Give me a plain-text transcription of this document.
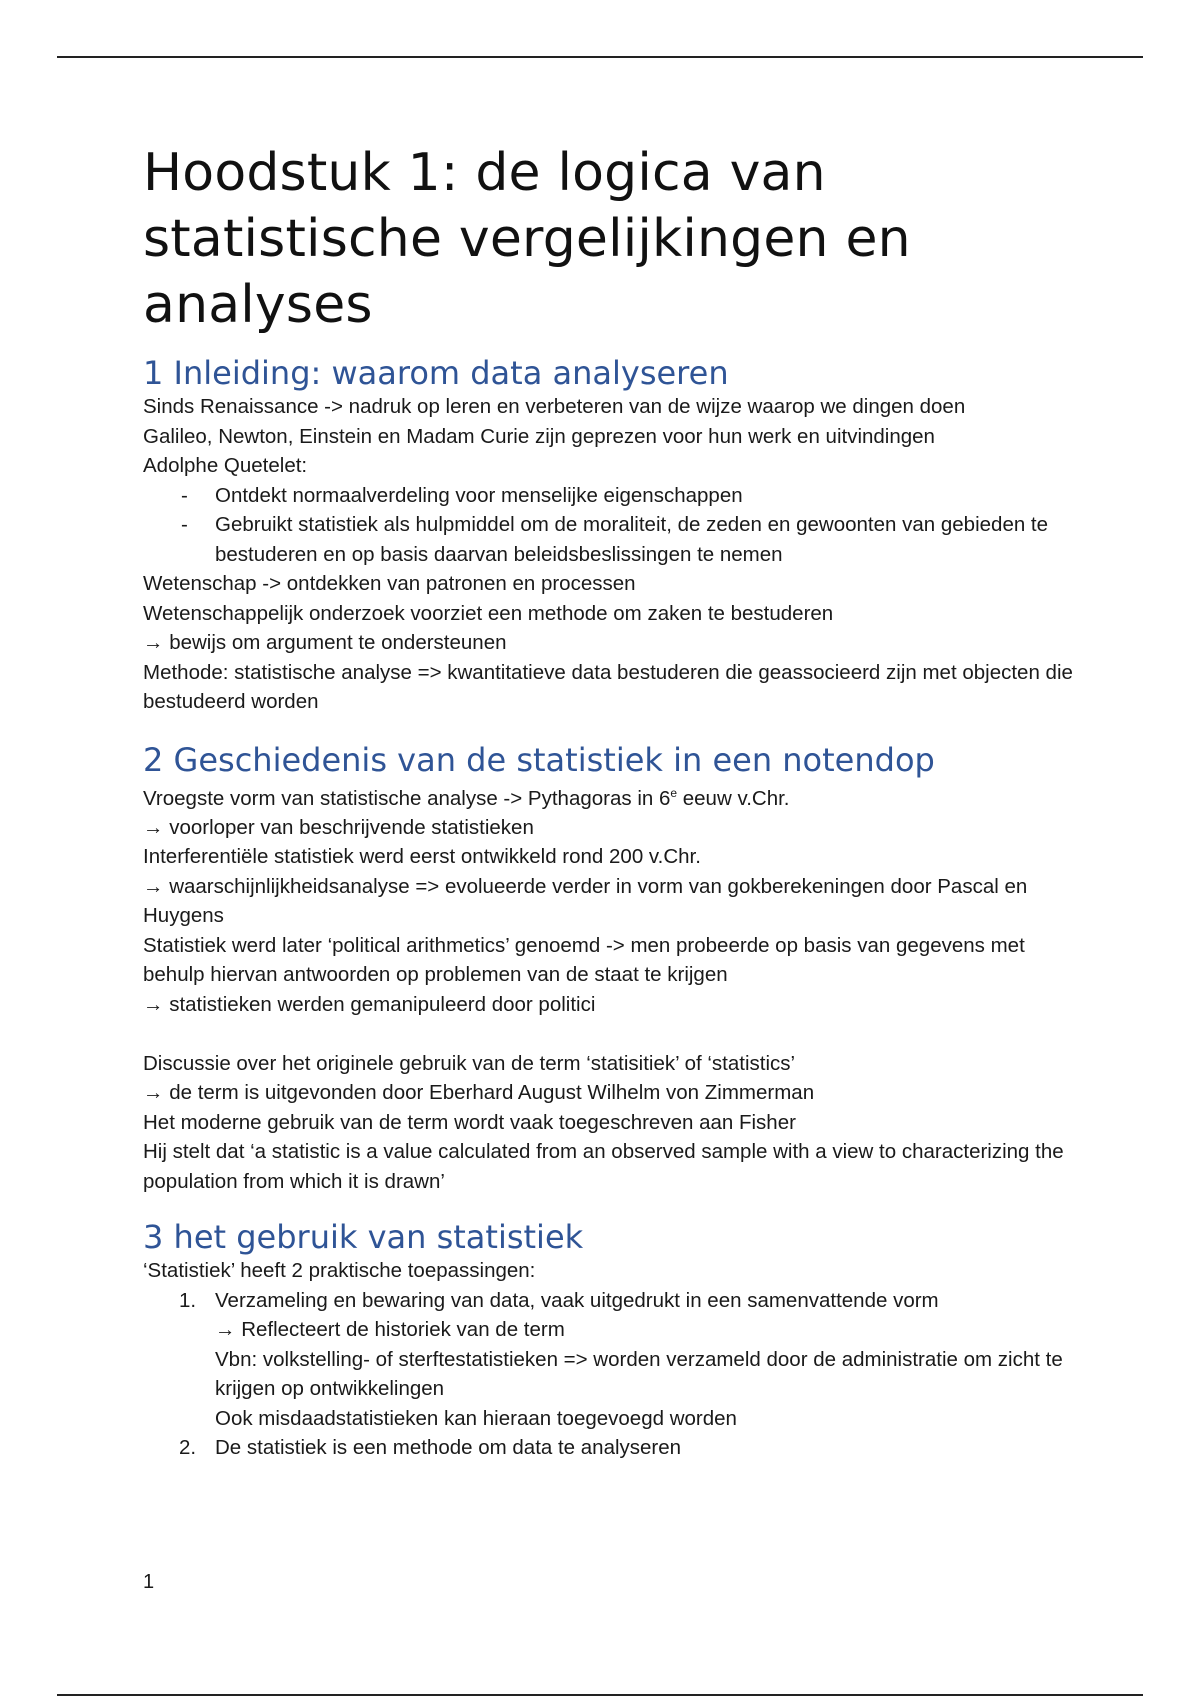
Hoodstuk 1: de logica van statistische vergelijkingen en analyses
1 Inleiding: waarom data analyseren

Sinds Renaissance -> nadruk op leren en verbeteren van de wijze waarop we dingen doen

Galileo, Newton, Einstein en Madam Curie zijn geprezen voor hun werk en uitvindingen

Adolphe Quetelet:

- Ontdekt normaalverdeling voor menselijke eigenschappen
- Gebruikt statistiek als hulpmiddel om de moraliteit, de zeden en gewoonten van gebieden te bestuderen en op basis daarvan beleidsbeslissingen te nemen

Wetenschap -> ontdekken van patronen en processen

Wetenschappelijk onderzoek voorziet een methode om zaken te bestuderen

→ bewijs om argument te ondersteunen

Methode: statistische analyse => kwantitatieve data bestuderen die geassocieerd zijn met objecten die bestudeerd worden

2 Geschiedenis van de statistiek in een notendop

Vroegste vorm van statistische analyse -> Pythagoras in 6e eeuw v.Chr.

→ voorloper van beschrijvende statistieken

Interferentiële statistiek werd eerst ontwikkeld rond 200 v.Chr.

→ waarschijnlijkheidsanalyse => evolueerde verder in vorm van gokberekeningen door Pascal en Huygens

Statistiek werd later ‘political arithmetics’ genoemd -> men probeerde op basis van gegevens met behulp hiervan antwoorden op problemen van de staat te krijgen

→ statistieken werden gemanipuleerd door politici

Discussie over het originele gebruik van de term ‘statisitiek’ of ‘statistics’

→ de term is uitgevonden door Eberhard August Wilhelm von Zimmerman

Het moderne gebruik van de term wordt vaak toegeschreven aan Fisher

Hij stelt dat ‘a statistic is a value calculated from an observed sample with a view to characterizing the population from which it is drawn’

3 het gebruik van statistiek

‘Statistiek’ heeft 2 praktische toepassingen:

1. Verzameling en bewaring van data, vaak uitgedrukt in een samenvattende vorm
→ Reflecteert de historiek van de term
Vbn: volkstelling- of sterftestatistieken => worden verzameld door de administratie om zicht te krijgen op ontwikkelingen
Ook misdaadstatistieken kan hieraan toegevoegd worden
2. De statistiek is een methode om data te analyseren
1
